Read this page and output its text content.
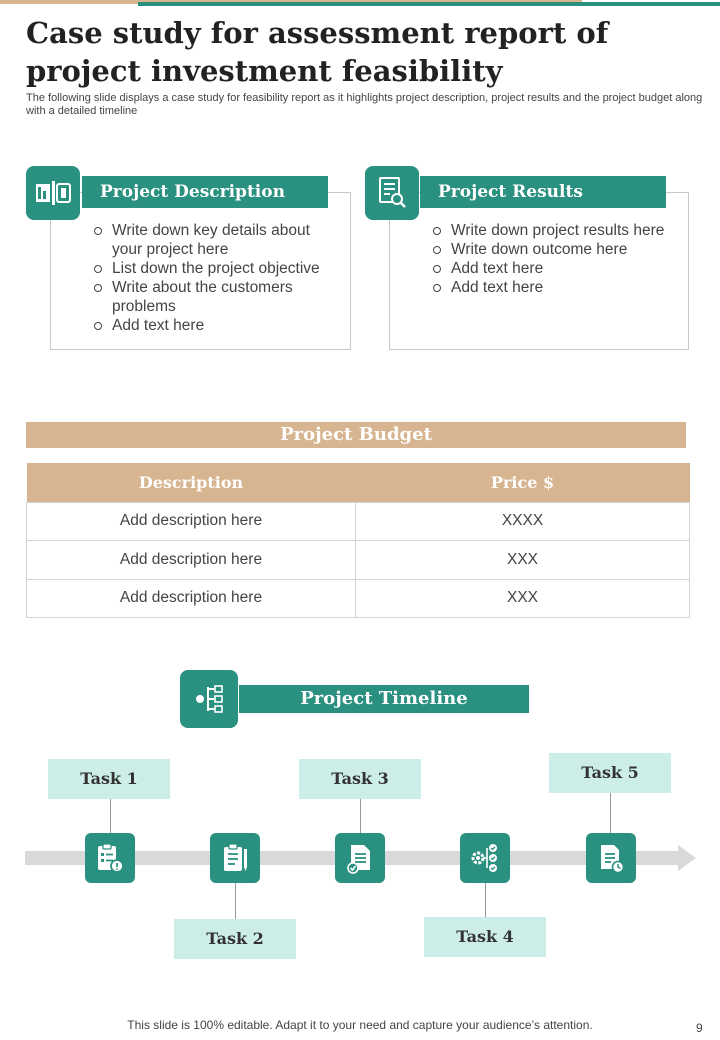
Case study for assessment report of project investment feasibility

The following slide displays a case study for feasibility report as it highlights project description, project results and the project budget along with a detailed timeline

Project Description
Write down key details about your project here
List down the project objective
Write about the customers problems
Add text here
Project Results
Write down project results here
Write down outcome here
Add text here
Add text here
Project Budget
Description	Price $
Add description here	XXXX
Add description here	XXX
Add description here	XXX
Project Timeline
Task 1
Task 2
Task 3
Task 4
Task 5

This slide is 100% editable. Adapt it to your need and capture your audience’s attention.	9
